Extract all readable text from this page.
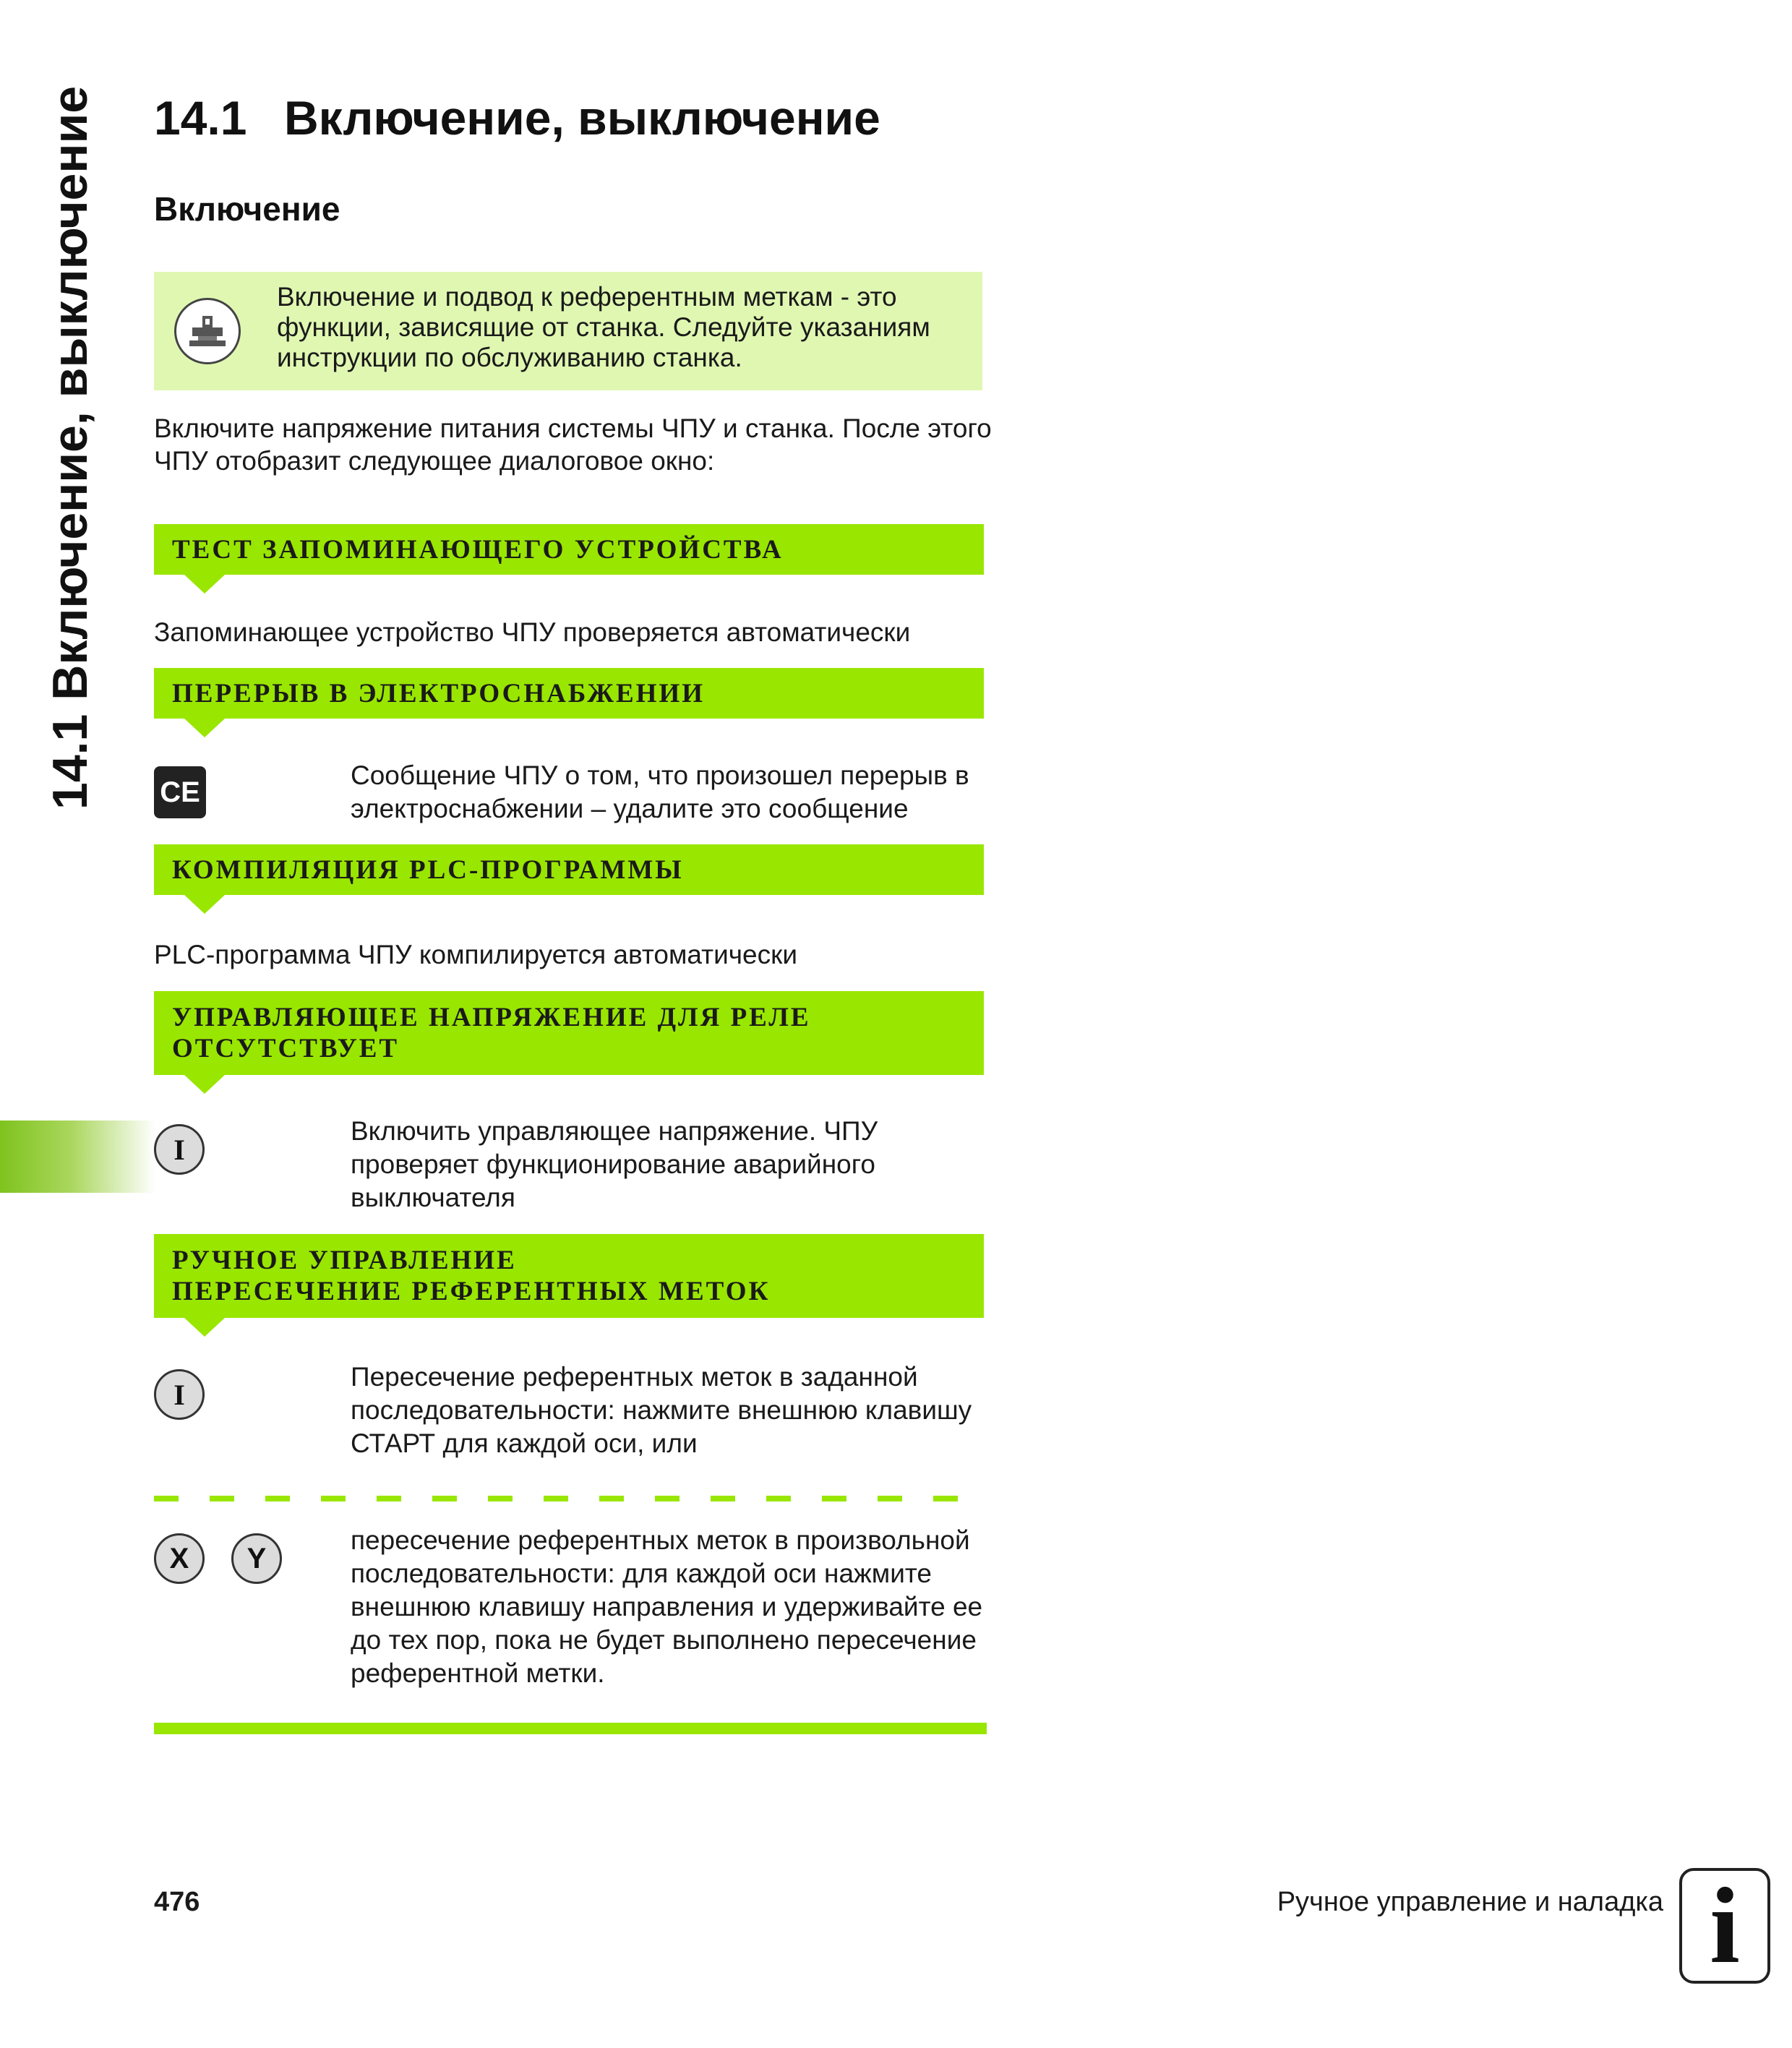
14.1 Включение, выключение 14.1 Включение, выключение
Включение
Включение и подвод к референтным меткам - это функции, зависящие от станка. Следуйте указаниям инструкции по обслуживанию станка.
Включите напряжение питания системы ЧПУ и станка. После этого ЧПУ отобразит следующее диалоговое окно:
ТЕСТ ЗАПОМИНАЮЩЕГО УСТРОЙСТВА
Запоминающее устройство ЧПУ проверяется автоматически
ПЕРЕРЫВ В ЭЛЕКТРОСНАБЖЕНИИ
CE
Сообщение ЧПУ о том, что произошел перерыв в электроснабжении – удалите это сообщение
КОМПИЛЯЦИЯ PLC-ПРОГРАММЫ
PLC-программа ЧПУ компилируется автоматически
УПРАВЛЯЮЩЕЕ НАПРЯЖЕНИЕ ДЛЯ РЕЛЕ
ОТСУТСТВУЕТ
I
Включить управляющее напряжение. ЧПУ проверяет функционирование аварийного выключателя
РУЧНОЕ УПРАВЛЕНИЕ
ПЕРЕСЕЧЕНИЕ РЕФЕРЕНТНЫХ МЕТОК
I
Пересечение референтных меток в заданной последовательности: нажмите внешнюю клавишу СТАРТ для каждой оси, или
X	Y
пересечение референтных меток в произвольной последовательности: для каждой оси нажмите внешнюю клавишу направления и удерживайте ее до тех пор, пока не будет выполнено пересечение референтной метки.
476	Ручное управление и наладка i
